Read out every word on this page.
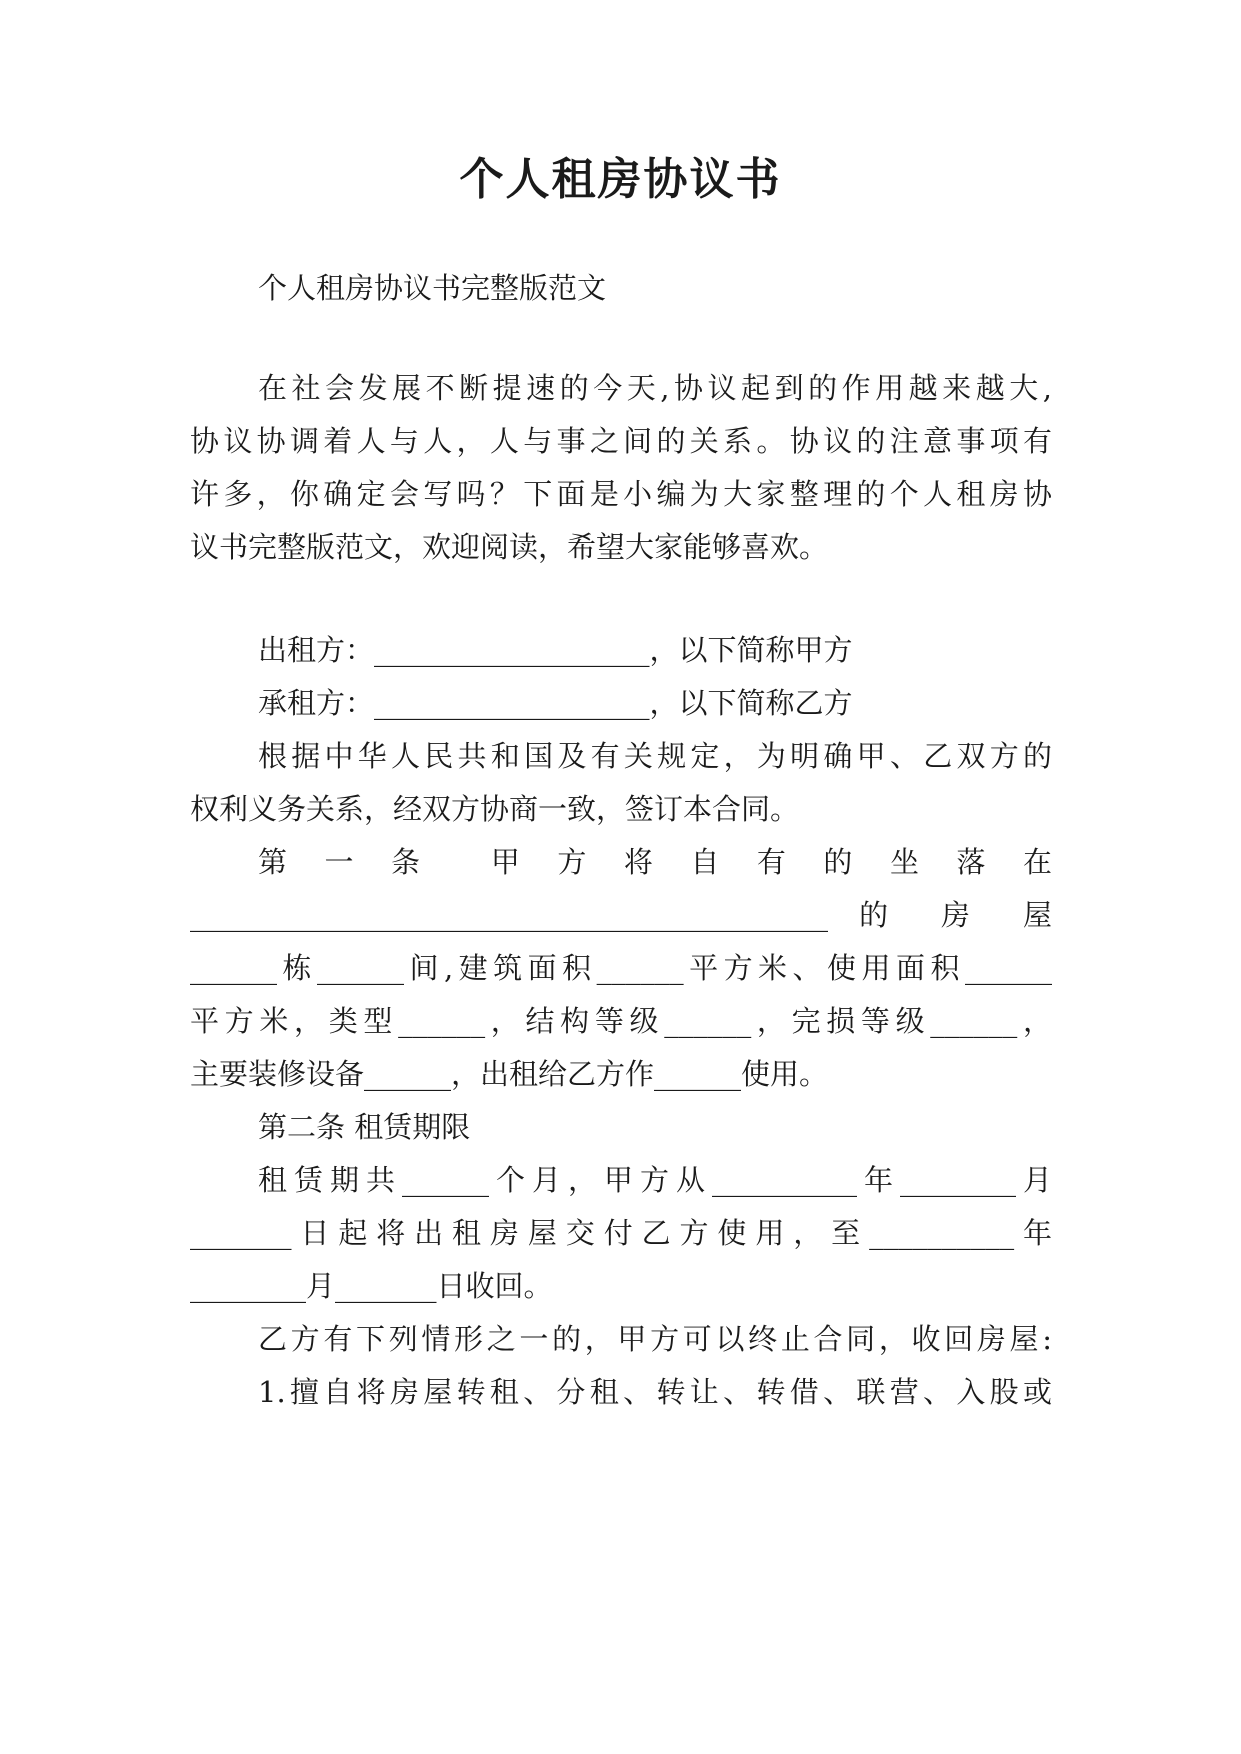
个人租房协议书
个人租房协议书完整版范文
在社会发展不断提速的今天,协议起到的作用越来越大,
协议协调着人与人，人与事之间的关系。协议的注意事项有
许多，你确定会写吗？下面是小编为大家整理的个人租房协
议书完整版范文，欢迎阅读，希望大家能够喜欢。
出租方：___________________，以下简称甲方
承租方：___________________，以下简称乙方
根据中华人民共和国及有关规定，为明确甲、乙双方的
权利义务关系，经双方协商一致，签订本合同。
第　一　条　　甲　方　将　自　有　的　坐　落　在
____________________________________________ 的 房 屋
______栋______间,建筑面积______平方米、使用面积______
平方米，类型______，结构等级______，完损等级______，
主要装修设备______，出租给乙方作______使用。
第二条 租赁期限
租赁期共______个月，甲方从__________年________月
_______日起将出租房屋交付乙方使用，至__________年
________月_______日收回。
乙方有下列情形之一的，甲方可以终止合同，收回房屋:
1.擅自将房屋转租、分租、转让、转借、联营、入股或
